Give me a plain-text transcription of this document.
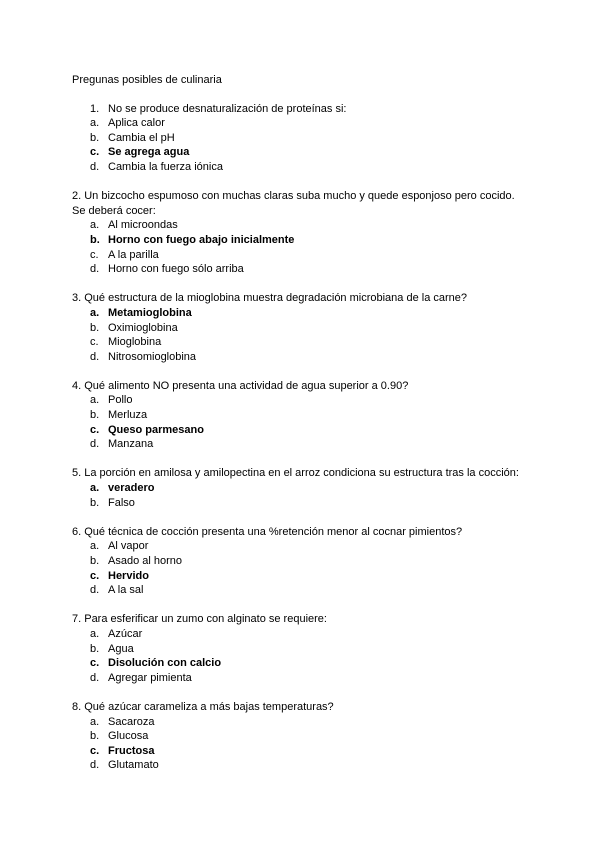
Pregunas posibles de culinaria

1. No se produce desnaturalización de proteínas si:
a. Aplica calor
b. Cambia el pH
c. Se agrega agua
d. Cambia la fuerza iónica
2. Un bizcocho espumoso con muchas claras suba mucho y quede esponjoso pero cocido. Se deberá cocer:
a. Al microondas
b. Horno con fuego abajo inicialmente
c. A la parilla
d. Horno con fuego sólo arriba
3. Qué estructura de la mioglobina muestra degradación microbiana de la carne?
a. Metamioglobina
b. Oximioglobina
c. Mioglobina
d. Nitrosomioglobina
4. Qué alimento NO presenta una actividad de agua superior a 0.90?
a. Pollo
b. Merluza
c. Queso parmesano
d. Manzana
5. La porción en amilosa y amilopectina en el arroz condiciona su estructura tras la cocción:
a. veradero
b. Falso
6. Qué técnica de cocción presenta una %retención menor al cocnar pimientos?
a. Al vapor
b. Asado al horno
c. Hervido
d. A la sal
7. Para esferificar un zumo con alginato se requiere:
a. Azúcar
b. Agua
c. Disolución con calcio
d. Agregar pimienta
8. Qué azúcar carameliza a más bajas temperaturas?
a. Sacaroza
b. Glucosa
c. Fructosa
d. Glutamato
